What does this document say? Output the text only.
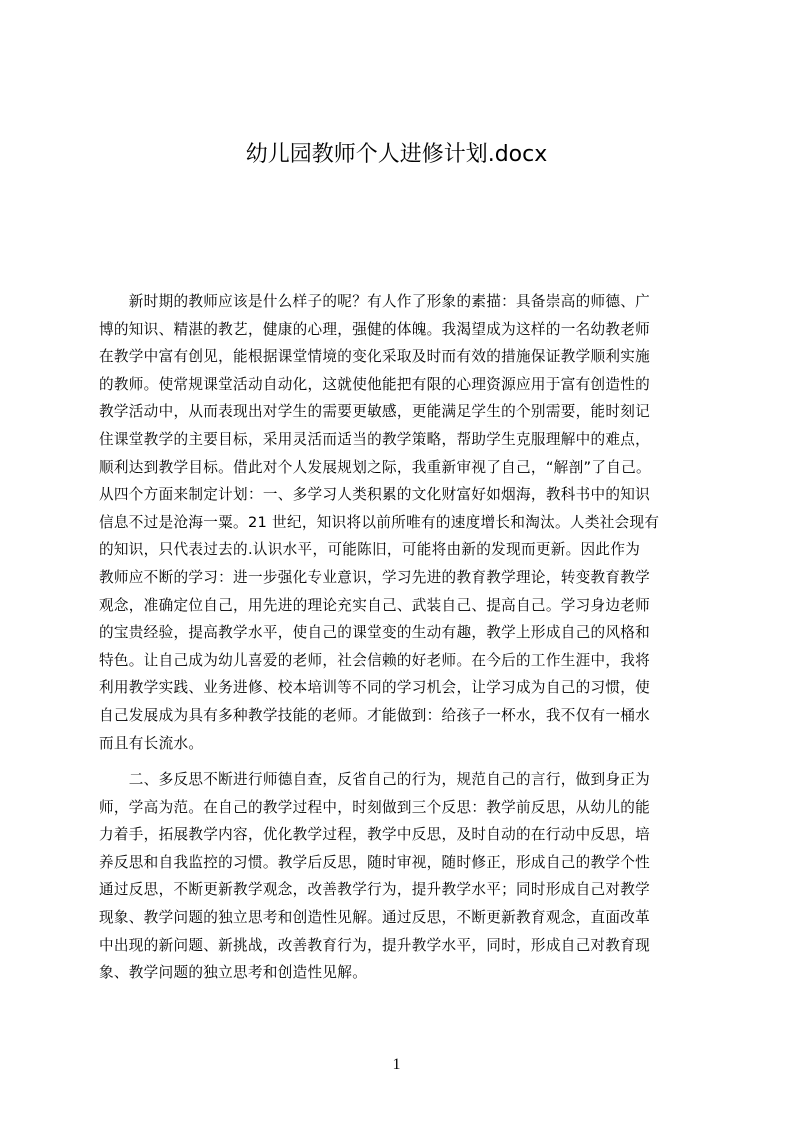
幼儿园教师个人进修计划.docx

　　新时期的教师应该是什么样子的呢？有人作了形象的素描：具备崇高的师德、广

博的知识、精湛的教艺，健康的心理，强健的体魄。我渴望成为这样的一名幼教老师

在教学中富有创见，能根据课堂情境的变化采取及时而有效的措施保证教学顺利实施

的教师。使常规课堂活动自动化，这就使他能把有限的心理资源应用于富有创造性的

教学活动中，从而表现出对学生的需要更敏感，更能满足学生的个别需要，能时刻记

住课堂教学的主要目标，采用灵活而适当的教学策略，帮助学生克服理解中的难点，

顺利达到教学目标。借此对个人发展规划之际，我重新审视了自己，“解剖”了自己。

从四个方面来制定计划：一、多学习人类积累的文化财富好如烟海，教科书中的知识

信息不过是沧海一粟。21 世纪，知识将以前所唯有的速度增长和淘汰。人类社会现有

的知识，只代表过去的.认识水平，可能陈旧，可能将由新的发现而更新。因此作为

教师应不断的学习：进一步强化专业意识，学习先进的教育教学理论，转变教育教学

观念，准确定位自己，用先进的理论充实自己、武装自己、提高自己。学习身边老师

的宝贵经验，提高教学水平，使自己的课堂变的生动有趣，教学上形成自己的风格和

特色。让自己成为幼儿喜爱的老师，社会信赖的好老师。在今后的工作生涯中，我将

利用教学实践、业务进修、校本培训等不同的学习机会，让学习成为自己的习惯，使

自己发展成为具有多种教学技能的老师。才能做到：给孩子一杯水，我不仅有一桶水

而且有长流水。

　　二、多反思不断进行师德自查，反省自己的行为，规范自己的言行，做到身正为

师，学高为范。在自己的教学过程中，时刻做到三个反思：教学前反思，从幼儿的能

力着手，拓展教学内容，优化教学过程，教学中反思，及时自动的在行动中反思，培

养反思和自我监控的习惯。教学后反思，随时审视，随时修正，形成自己的教学个性

通过反思，不断更新教学观念，改善教学行为，提升教学水平；同时形成自己对教学

现象、教学问题的独立思考和创造性见解。通过反思，不断更新教育观念，直面改革

中出现的新问题、新挑战，改善教育行为，提升教学水平，同时，形成自己对教育现

象、教学问题的独立思考和创造性见解。

1
